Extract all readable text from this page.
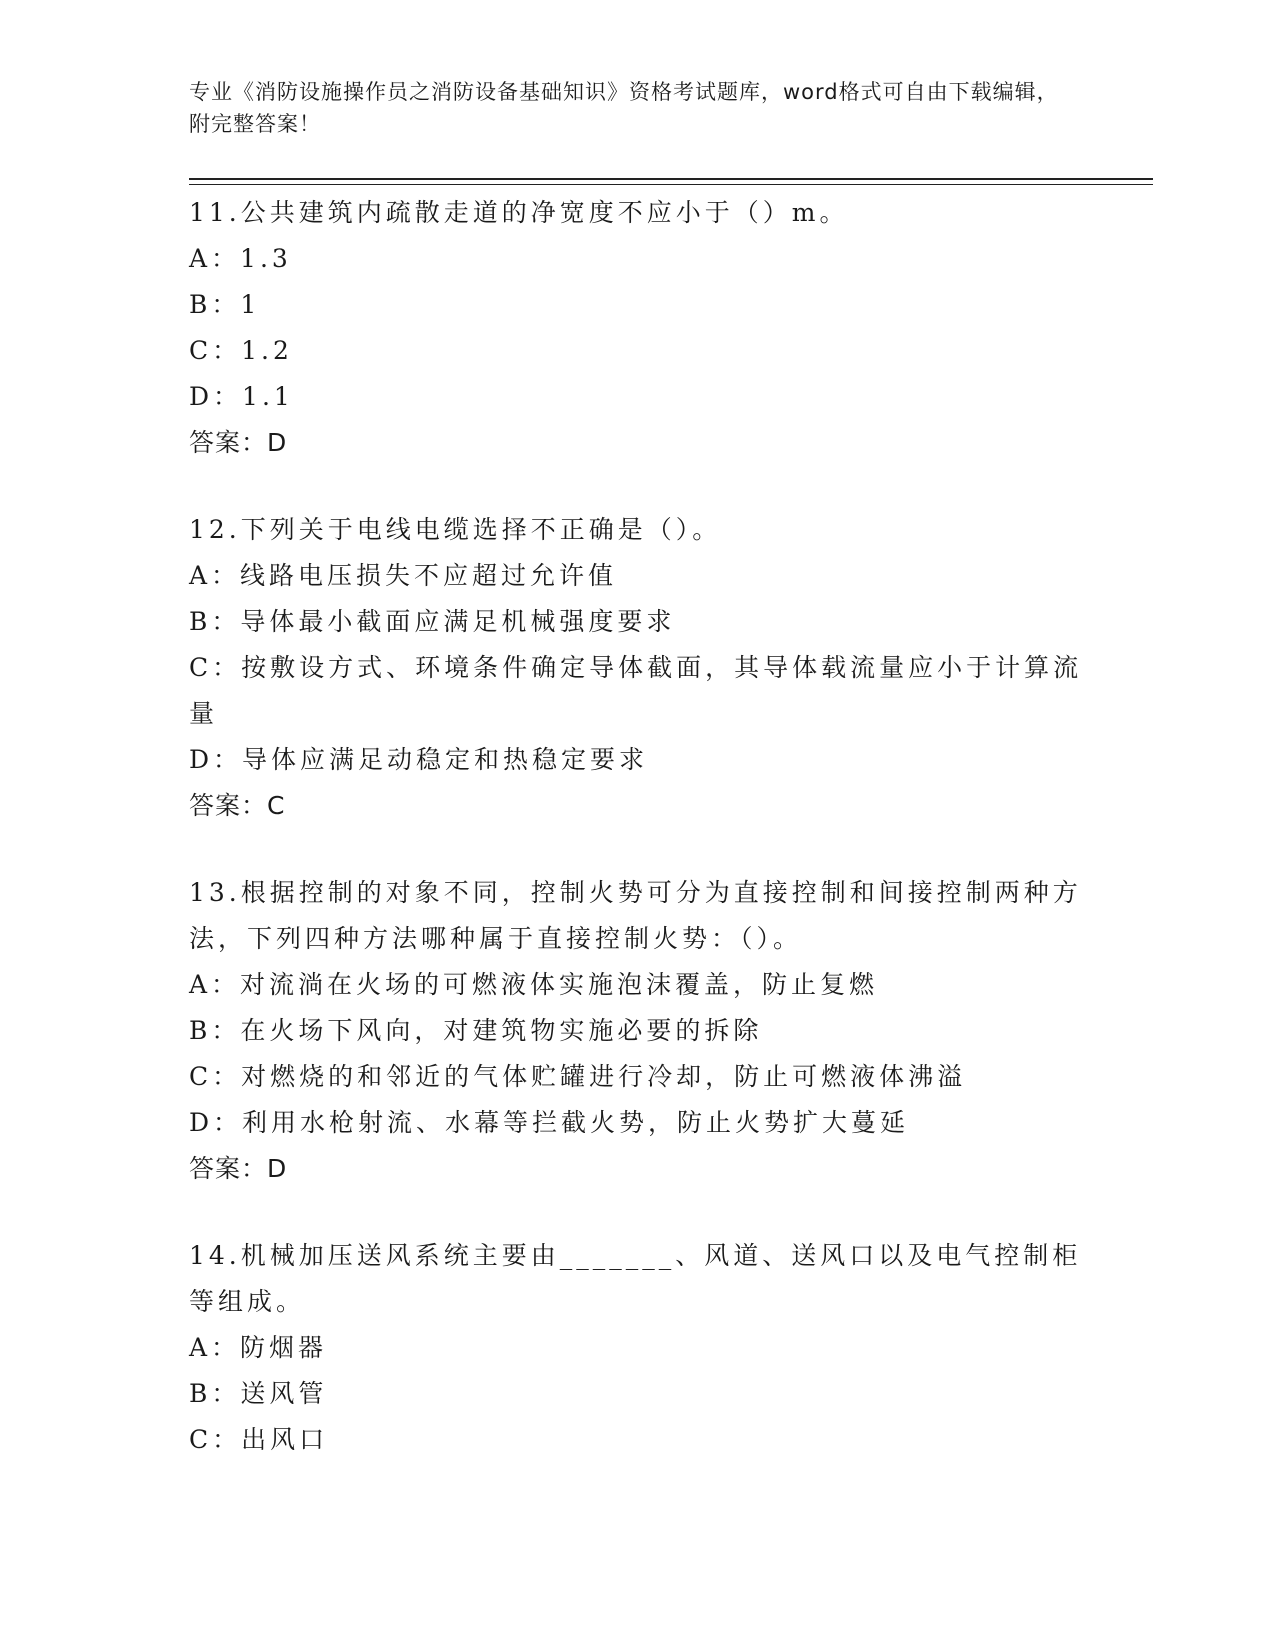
专业《消防设施操作员之消防设备基础知识》资格考试题库，word格式可自由下载编辑，附完整答案！
11.公共建筑内疏散走道的净宽度不应小于（）m。
A：1.3
B：1
C：1.2
D：1.1
答案：D
12.下列关于电线电缆选择不正确是（）。
A：线路电压损失不应超过允许值
B：导体最小截面应满足机械强度要求
C：按敷设方式、环境条件确定导体截面，其导体载流量应小于计算流量
D：导体应满足动稳定和热稳定要求
答案：C
13.根据控制的对象不同，控制火势可分为直接控制和间接控制两种方法，下列四种方法哪种属于直接控制火势：（）。
A：对流淌在火场的可燃液体实施泡沫覆盖，防止复燃
B：在火场下风向，对建筑物实施必要的拆除
C：对燃烧的和邻近的气体贮罐进行冷却，防止可燃液体沸溢
D：利用水枪射流、水幕等拦截火势，防止火势扩大蔓延
答案：D
14.机械加压送风系统主要由_______、风道、送风口以及电气控制柜等组成。
A：防烟器
B：送风管
C：出风口
